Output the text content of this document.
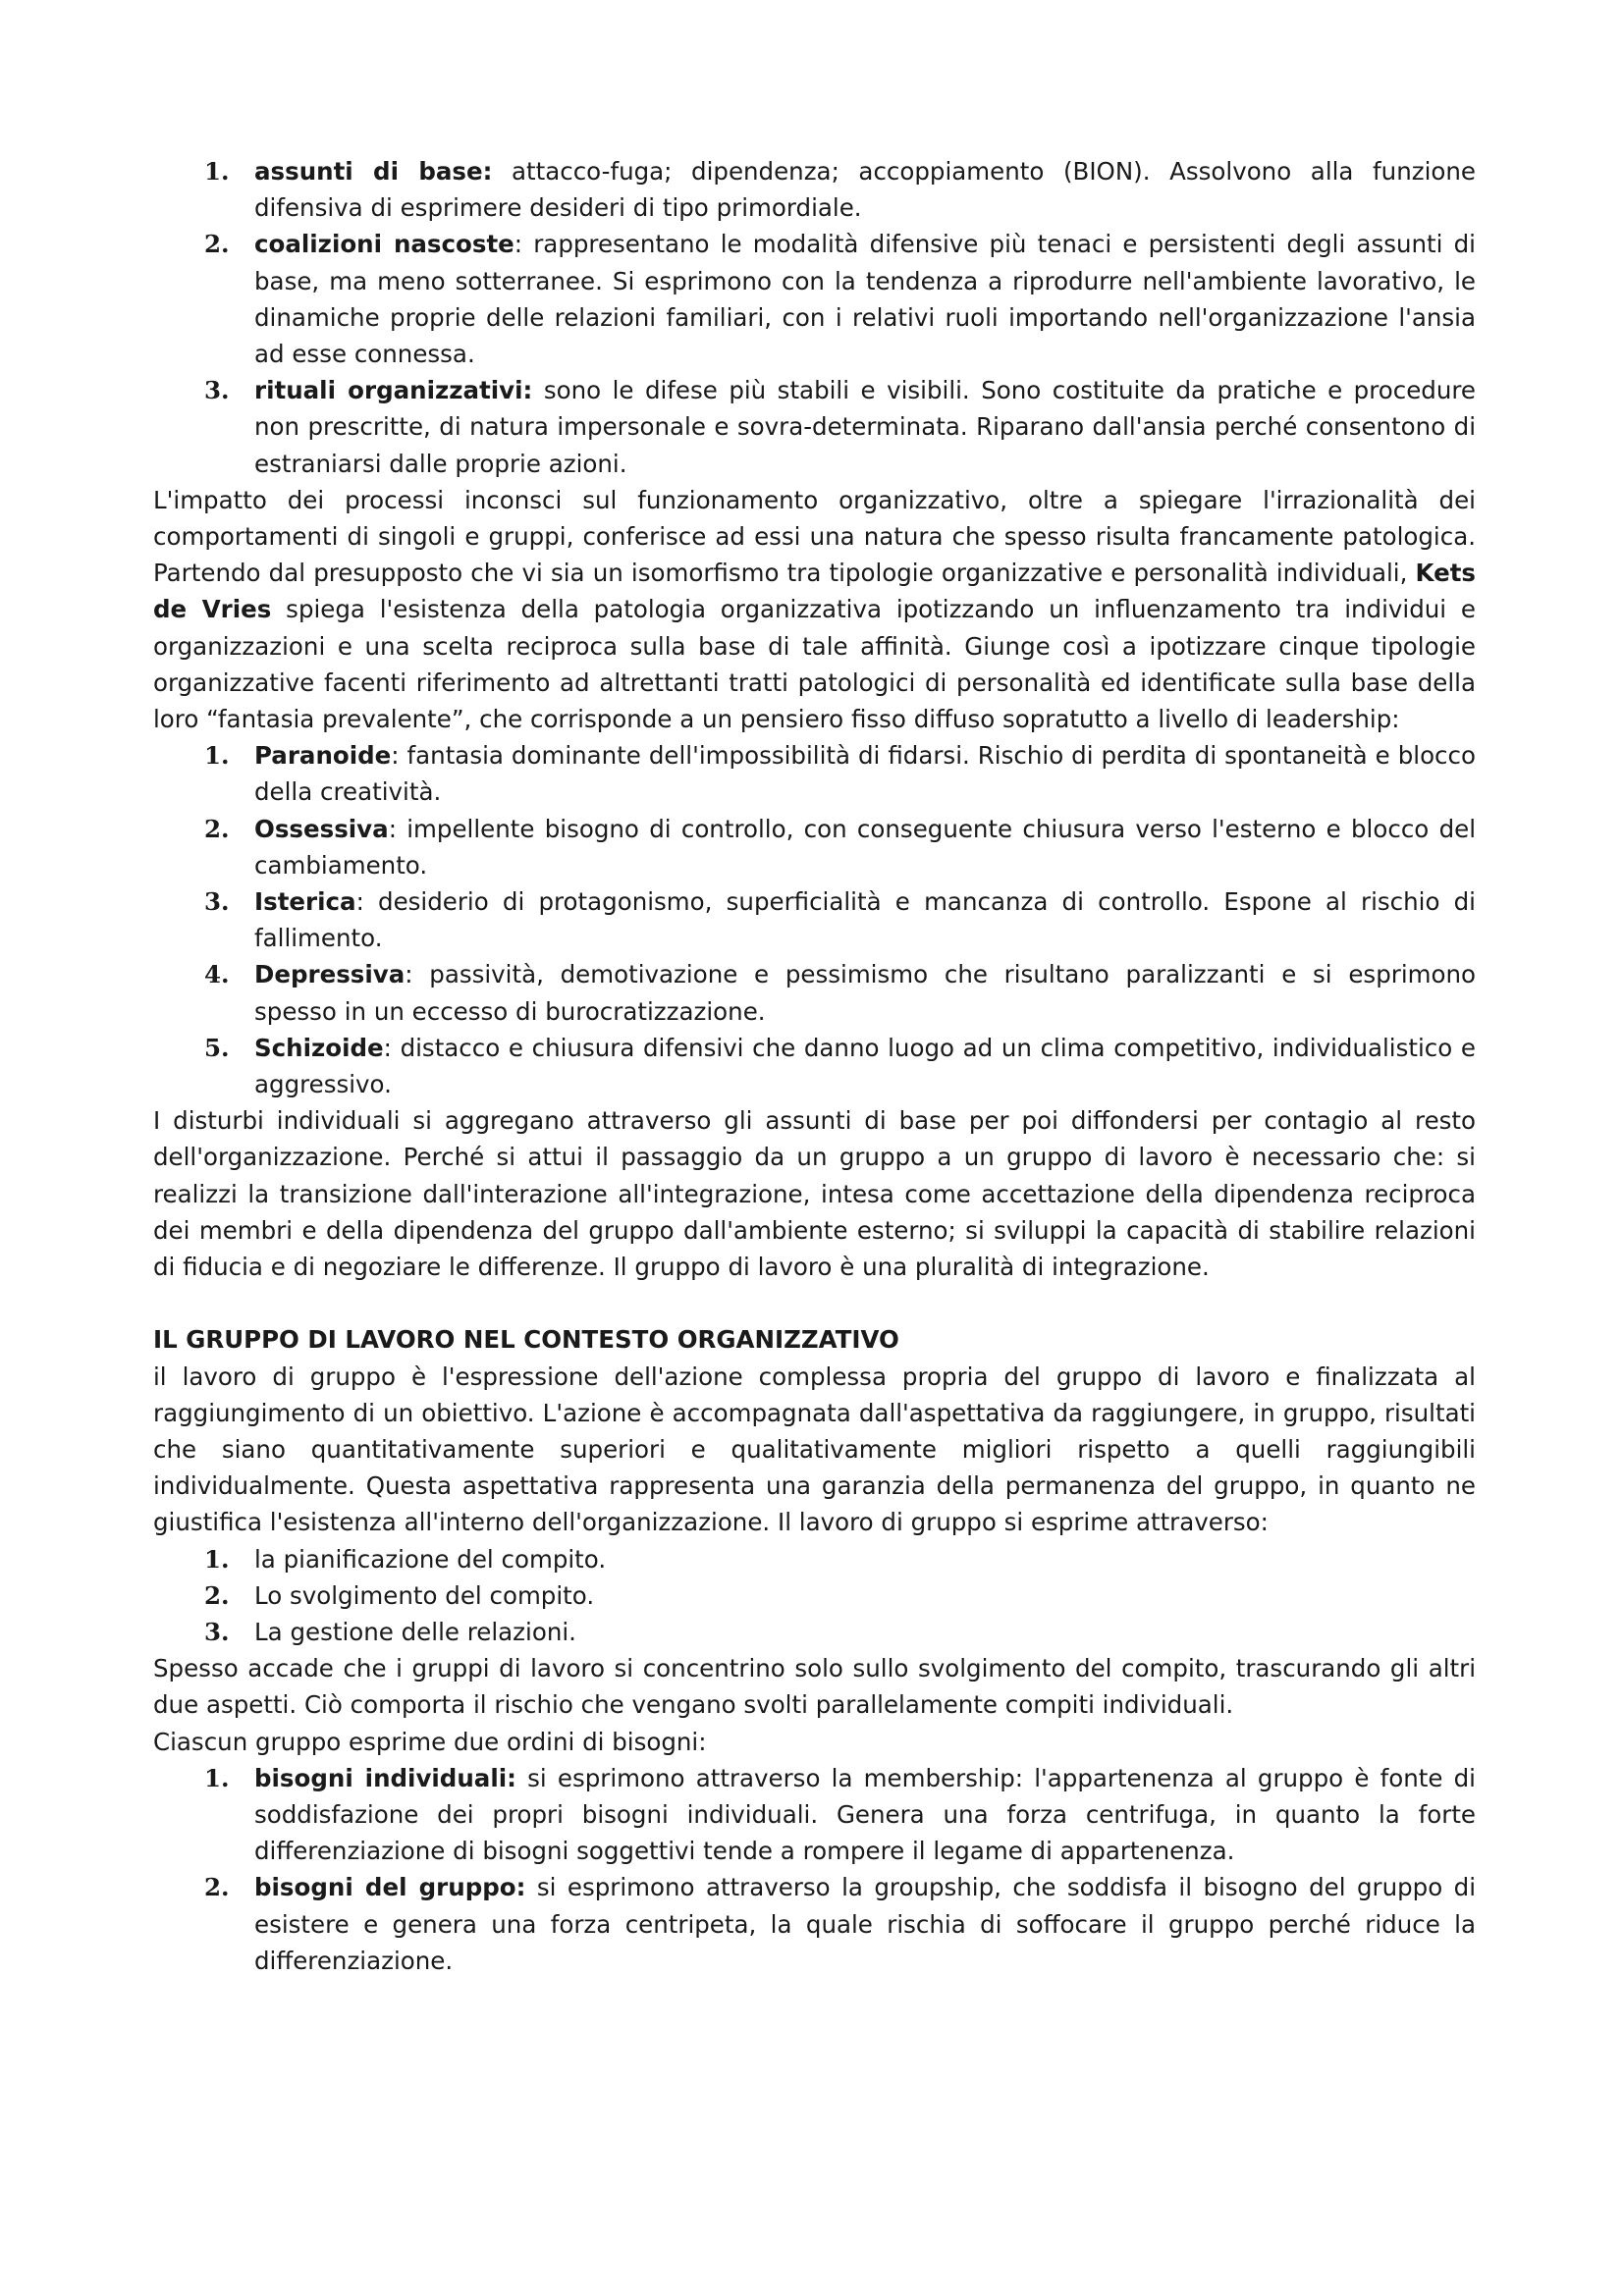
1.	assunti di base: attacco-fuga; dipendenza; accoppiamento (BION). Assolvono alla funzione difensiva di esprimere desideri di tipo primordiale.
2.	coalizioni nascoste: rappresentano le modalità difensive più tenaci e persistenti degli assunti di base, ma meno sotterranee. Si esprimono con la tendenza a riprodurre nell'ambiente lavorativo, le dinamiche proprie delle relazioni familiari, con i relativi ruoli importando nell'organizzazione l'ansia ad esse connessa.
3.	rituali organizzativi: sono le difese più stabili e visibili. Sono costituite da pratiche e procedure non prescritte, di natura impersonale e sovra-determinata. Riparano dall'ansia perché consentono di estraniarsi dalle proprie azioni.

L'impatto dei processi inconsci sul funzionamento organizzativo, oltre a spiegare l'irrazionalità dei comportamenti di singoli e gruppi, conferisce ad essi una natura che spesso risulta francamente patologica. Partendo dal presupposto che vi sia un isomorfismo tra tipologie organizzative e personalità individuali, Kets de Vries spiega l'esistenza della patologia organizzativa ipotizzando un influenzamento tra individui e organizzazioni e una scelta reciproca sulla base di tale affinità. Giunge così a ipotizzare cinque tipologie organizzative facenti riferimento ad altrettanti tratti patologici di personalità ed identificate sulla base della loro “fantasia prevalente”, che corrisponde a un pensiero fisso diffuso sopratutto a livello di leadership:

1.	Paranoide: fantasia dominante dell'impossibilità di fidarsi. Rischio di perdita di spontaneità e blocco della creatività.
2.	Ossessiva: impellente bisogno di controllo, con conseguente chiusura verso l'esterno e blocco del cambiamento.
3.	Isterica: desiderio di protagonismo, superficialità e mancanza di controllo. Espone al rischio di fallimento.
4.	Depressiva: passività, demotivazione e pessimismo che risultano paralizzanti e si esprimono spesso in un eccesso di burocratizzazione.
5.	Schizoide: distacco e chiusura difensivi che danno luogo ad un clima competitivo, individualistico e aggressivo.

I disturbi individuali si aggregano attraverso gli assunti di base per poi diffondersi per contagio al resto dell'organizzazione. Perché si attui il passaggio da un gruppo a un gruppo di lavoro è necessario che: si realizzi la transizione dall'interazione all'integrazione, intesa come accettazione della dipendenza reciproca dei membri e della dipendenza del gruppo dall'ambiente esterno; si sviluppi la capacità di stabilire relazioni di fiducia e di negoziare le differenze. Il gruppo di lavoro è una pluralità di integrazione.

IL GRUPPO DI LAVORO NEL CONTESTO ORGANIZZATIVO

il lavoro di gruppo è l'espressione dell'azione complessa propria del gruppo di lavoro e finalizzata al raggiungimento di un obiettivo. L'azione è accompagnata dall'aspettativa da raggiungere, in gruppo, risultati che siano quantitativamente superiori e qualitativamente migliori rispetto a quelli raggiungibili individualmente. Questa aspettativa rappresenta una garanzia della permanenza del gruppo, in quanto ne giustifica l'esistenza all'interno dell'organizzazione. Il lavoro di gruppo si esprime attraverso:

1.	la pianificazione del compito.
2.	Lo svolgimento del compito.
3.	La gestione delle relazioni.

Spesso accade che i gruppi di lavoro si concentrino solo sullo svolgimento del compito, trascurando gli altri due aspetti. Ciò comporta il rischio che vengano svolti parallelamente compiti individuali.

Ciascun gruppo esprime due ordini di bisogni:

1.	bisogni individuali: si esprimono attraverso la membership: l'appartenenza al gruppo è fonte di soddisfazione dei propri bisogni individuali. Genera una forza centrifuga, in quanto la forte differenziazione di bisogni soggettivi tende a rompere il legame di appartenenza.
2.	bisogni del gruppo: si esprimono attraverso la groupship, che soddisfa il bisogno del gruppo di esistere e genera una forza centripeta, la quale rischia di soffocare il gruppo perché riduce la differenziazione.
